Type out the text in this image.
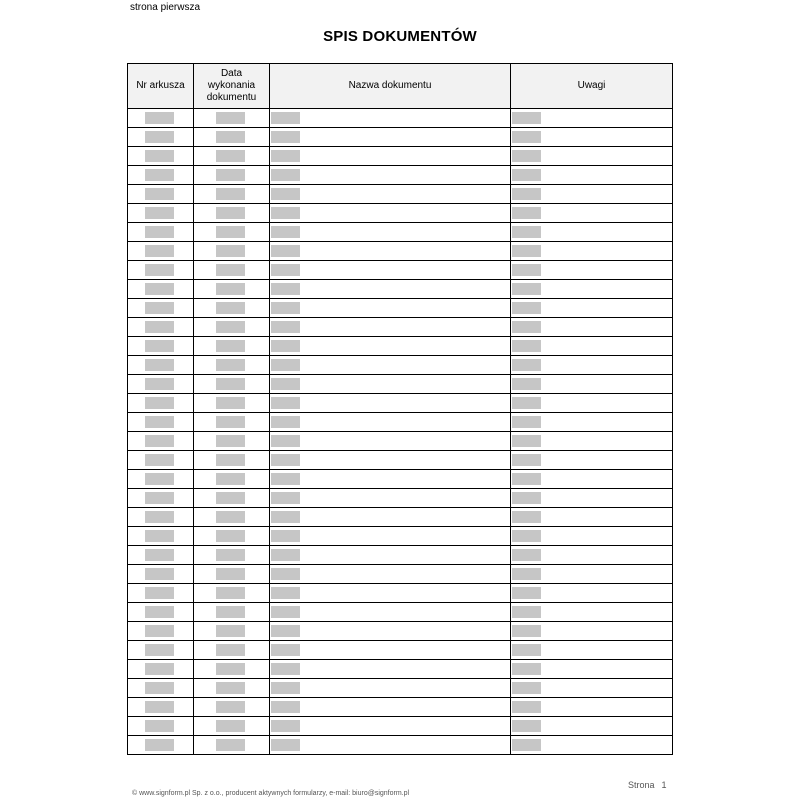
strona pierwsza
SPIS DOKUMENTÓW
Nr arkusza	Data wykonania dokumentu	Nazwa dokumentu	Uwagi

Strona 1
© www.signform.pl Sp. z o.o., producent aktywnych formularzy, e-mail: biuro@signform.pl
